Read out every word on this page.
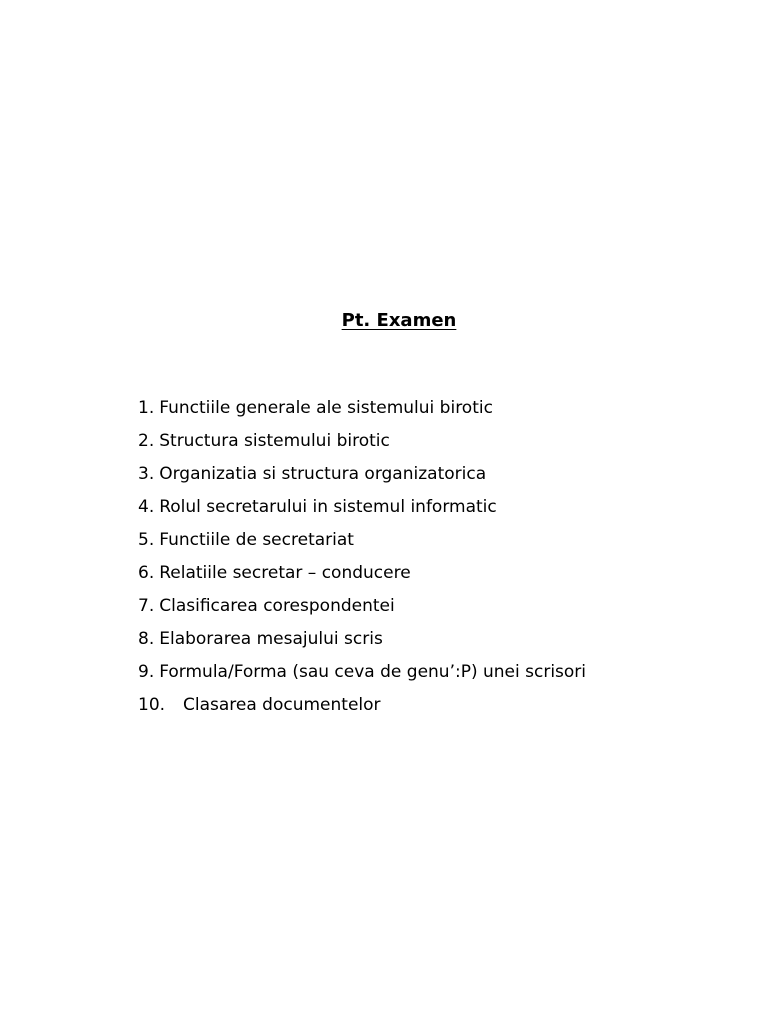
Pt. Examen
1. Functiile generale ale sistemului birotic
2. Structura sistemului birotic
3. Organizatia si structura organizatorica
4. Rolul secretarului in sistemul informatic
5. Functiile de secretariat
6. Relatiile secretar – conducere
7. Clasificarea corespondentei
8. Elaborarea mesajului scris
9. Formula/Forma (sau ceva de genu’:P) unei scrisori
10. Clasarea documentelor
